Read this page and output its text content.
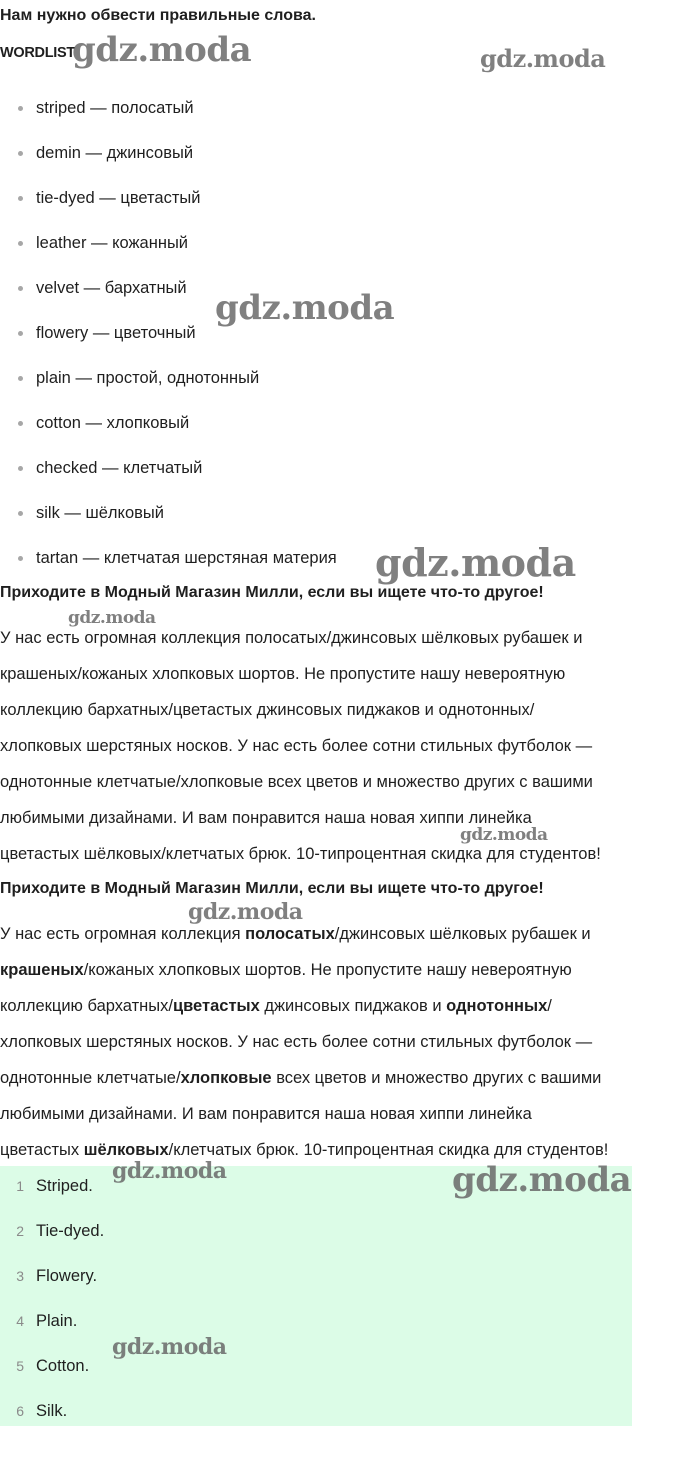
Нам нужно обвести правильные слова.
WORDLIST
striped — полосатый
demin — джинсовый
tie-dyed — цветастый
leather — кожанный
velvet — бархатный
flowery — цветочный
plain — простой, однотонный
cotton — хлопковый
checked — клетчатый
silk — шёлковый
tartan — клетчатая шерстяная материя
Приходите в Модный Магазин Милли, если вы ищете что-то другое!
У нас есть огромная коллекция полосатых/джинсовых шёлковых рубашек и
крашеных/кожаных хлопковых шортов. Не пропустите нашу невероятную
коллекцию бархатных/цветастых джинсовых пиджаков и однотонных/
хлопковых шерстяных носков. У нас есть более сотни стильных футболок —
однотонные клетчатые/хлопковые всех цветов и множество других с вашими
любимыми дизайнами. И вам понравится наша новая хиппи линейка
цветастых шёлковых/клетчатых брюк. 10-типроцентная скидка для студентов!
Приходите в Модный Магазин Милли, если вы ищете что-то другое!
У нас есть огромная коллекция полосатых/джинсовых шёлковых рубашек и
крашеных/кожаных хлопковых шортов. Не пропустите нашу невероятную
коллекцию бархатных/цветастых джинсовых пиджаков и однотонных/
хлопковых шерстяных носков. У нас есть более сотни стильных футболок —
однотонные клетчатые/хлопковые всех цветов и множество других с вашими
любимыми дизайнами. И вам понравится наша новая хиппи линейка
цветастых шёлковых/клетчатых брюк. 10-типроцентная скидка для студентов!
1 Striped.
2 Tie-dyed.
3 Flowery.
4 Plain.
5 Cotton.
6 Silk.
gdz.moda	gdz.moda
gdz.moda
gdz.moda
gdz.moda
gdz.moda
gdz.moda
gdz.moda	gdz.moda
gdz.moda
